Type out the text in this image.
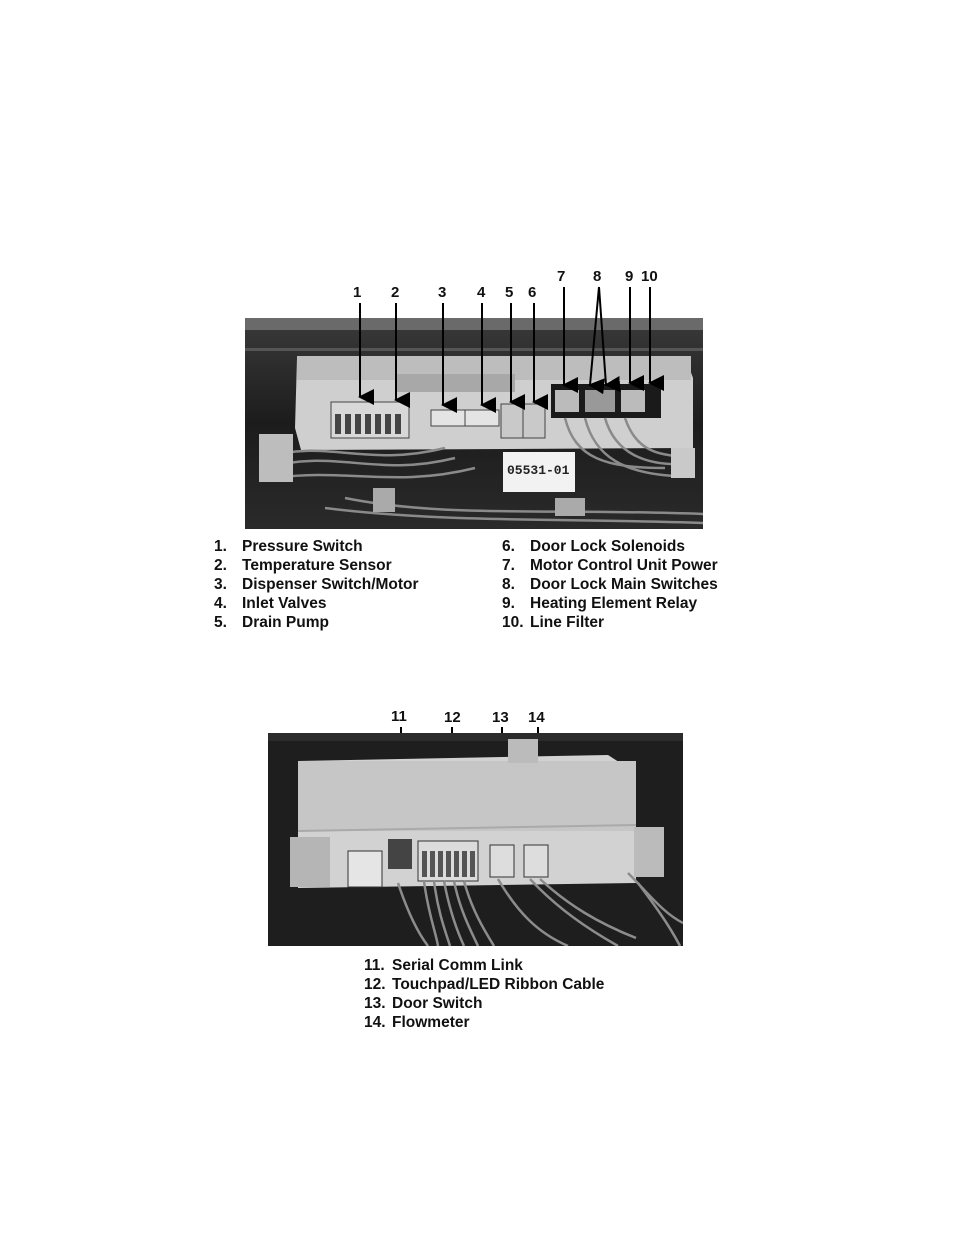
1 2	3 4 5 6
7 8 9 10
05531-01
1. Pressure Switch
2. Temperature Sensor
3. Dispenser Switch/Motor
4. Inlet Valves
5. Drain Pump
6. Door Lock Solenoids
7. Motor Control Unit Power
8. Door Lock Main Switches
9. Heating Element Relay
10. Line Filter
11 12 13 14
11. Serial Comm Link
12. Touchpad/LED Ribbon Cable
13. Door Switch
14. Flowmeter
